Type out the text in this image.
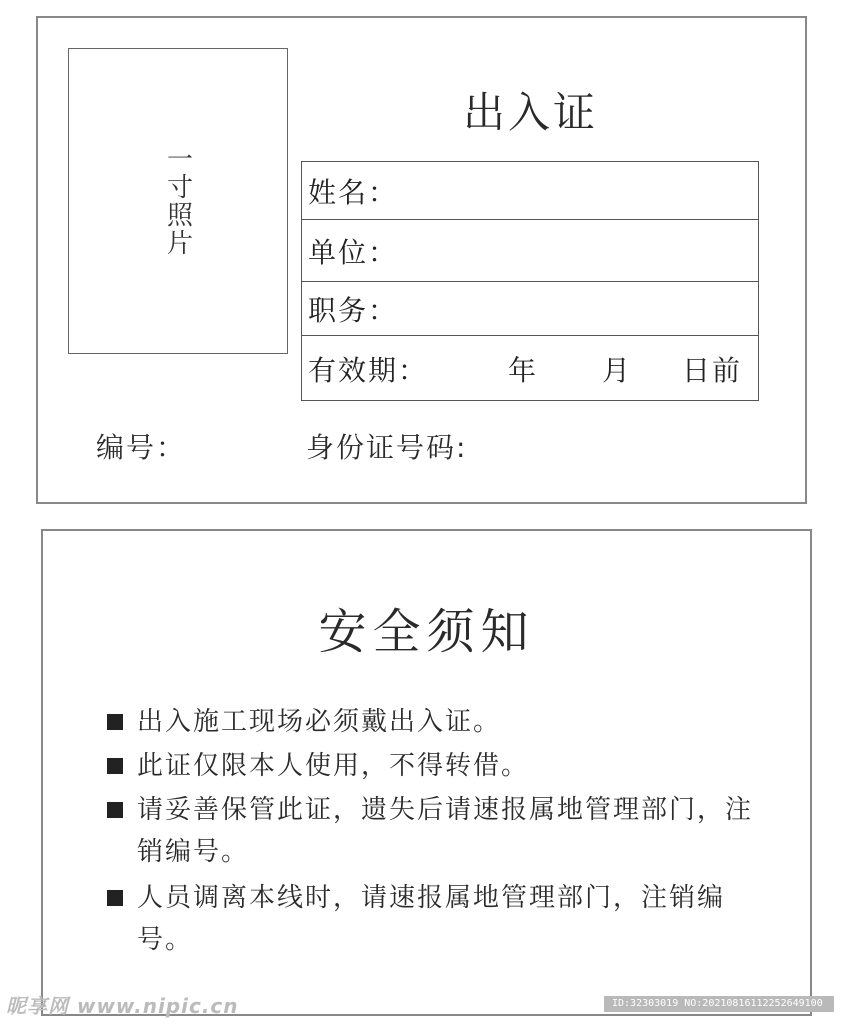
一寸照片
出入证
姓名：
单位：
职务：
有效期：	年 月 日前
编号：	身份证号码:
安全须知
出入施工现场必须戴出入证。
此证仅限本人使用，不得转借。
请妥善保管此证，遗失后请速报属地管理部门，注销编号。
人员调离本线时，请速报属地管理部门，注销编号。
昵享网 www.nipic.cn	ID:32303019 NO:20210816112252649100
